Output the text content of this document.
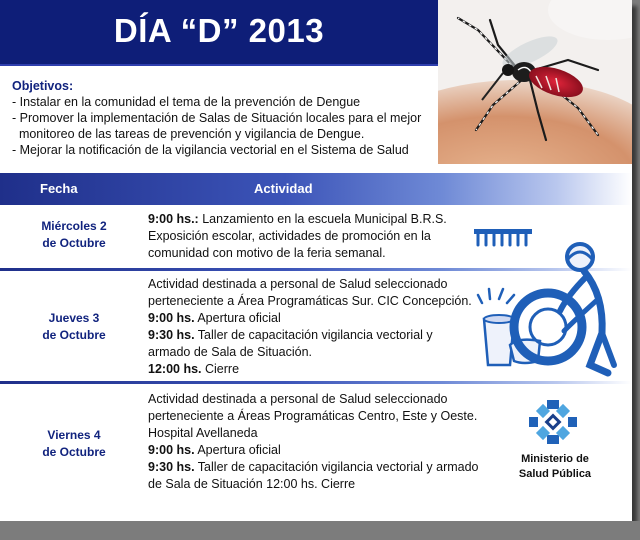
DÍA “D” 2013
Objetivos:
- Instalar en la comunidad el tema de la prevención de Dengue
- Promover la implementación de Salas de Situación locales para el mejor
monitoreo de las tareas de prevención y vigilancia de Dengue.
- Mejorar la notificación de la vigilancia vectorial en el Sistema de Salud
Fecha	Actividad
Miércoles 2
de Octubre
9:00 hs.: Lanzamiento en la escuela Municipal B.R.S.
Exposición escolar, actividades de promoción en la
comunidad con motivo de la feria semanal.
Jueves 3
de Octubre
Actividad destinada a personal de Salud seleccionado
perteneciente a Área Programáticas Sur. CIC Concepción.
9:00 hs. Apertura oficial
9:30 hs. Taller de capacitación vigilancia vectorial y
armado de Sala de Situación.
12:00 hs. Cierre
Viernes 4
de Octubre
Actividad destinada a personal de Salud seleccionado
perteneciente a Áreas Programáticas Centro, Este y Oeste.
Hospital Avellaneda
9:00 hs. Apertura oficial
9:30 hs. Taller de capacitación vigilancia vectorial y armado
de Sala de Situación 12:00 hs. Cierre
Ministerio de
Salud Pública
